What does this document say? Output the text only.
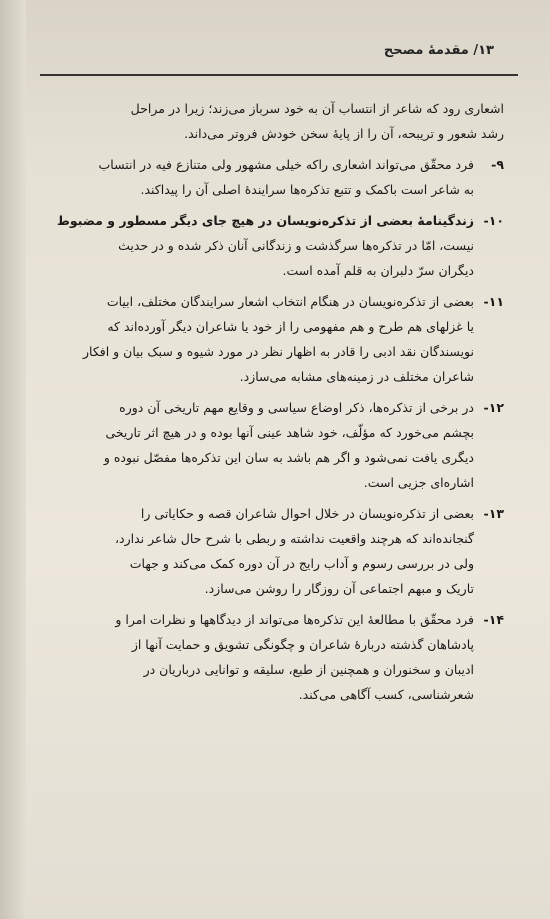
۱۳/ مقدمهٔ مصحح
اشعاری رود که شاعر از انتساب آن به خود سرباز می‌زند؛ زیرا در مراحل
رشد شعور و تریبحه، آن را از پایهٔ سخن خودش فروتر می‌داند.
۹-
فرد محقّق می‌تواند اشعاری راکه خیلی مشهور ولی متنازع فیه در انتساب
به شاعر است باکمک و تتبع تذکره‌ها سرایندهٔ اصلی آن را پیداکند.
۱۰-
زندگینامهٔ بعضی از تذکره‌نویسان در هیچ جای دیگر مسطور و مضبوط
نیست، امّا در تذکره‌ها سرگذشت و زندگانی آنان ذکر شده و در حدیث
دیگران سرّ دلبران به قلم آمده است.
۱۱-
بعضی از تذکره‌نویسان در هنگام انتخاب اشعار سرایندگان مختلف، ابیات
یا غزلهای هم طرح و هم مفهومی را از خود یا شاعران دیگر آورده‌اند که
نویسندگان نقد ادبی را قادر به اظهار نظر در مورد شیوه و سبک بیان و افکار
شاعران مختلف در زمینه‌های مشابه می‌سازد.
۱۲-
در برخی از تذکره‌ها، ذکر اوضاع سیاسی و وقایع مهم تاریخی آن دوره
بچشم می‌خورد که مؤلّف، خود شاهد عینی آنها بوده و در هیچ اثر تاریخی
دیگری یافت نمی‌شود و اگر هم باشد به سان این تذکره‌ها مفصّل نبوده و
اشاره‌ای جزیی است.
۱۳-
بعضی از تذکره‌نویسان در خلال احوال شاعران قصه و حکایاتی را
گنجانده‌اند که هرچند واقعیت نداشته و ربطی با شرح حال شاعر ندارد،
ولی در بررسی رسوم و آداب رایج در آن دوره کمک می‌کند و جهات
تاریک و مبهم اجتماعی آن روزگار را روشن می‌سازد.
۱۴-
فرد محقّق با مطالعهٔ این تذکره‌ها می‌تواند از دیدگاهها و نظرات امرا و
پادشاهان گذشته دربارهٔ شاعران و چگونگی تشویق و حمایت آنها از
ادیبان و سخنوران و همچنین از طبع، سلیقه و توانایی درباریان در
شعرشناسی، کسب آگاهی می‌کند.
